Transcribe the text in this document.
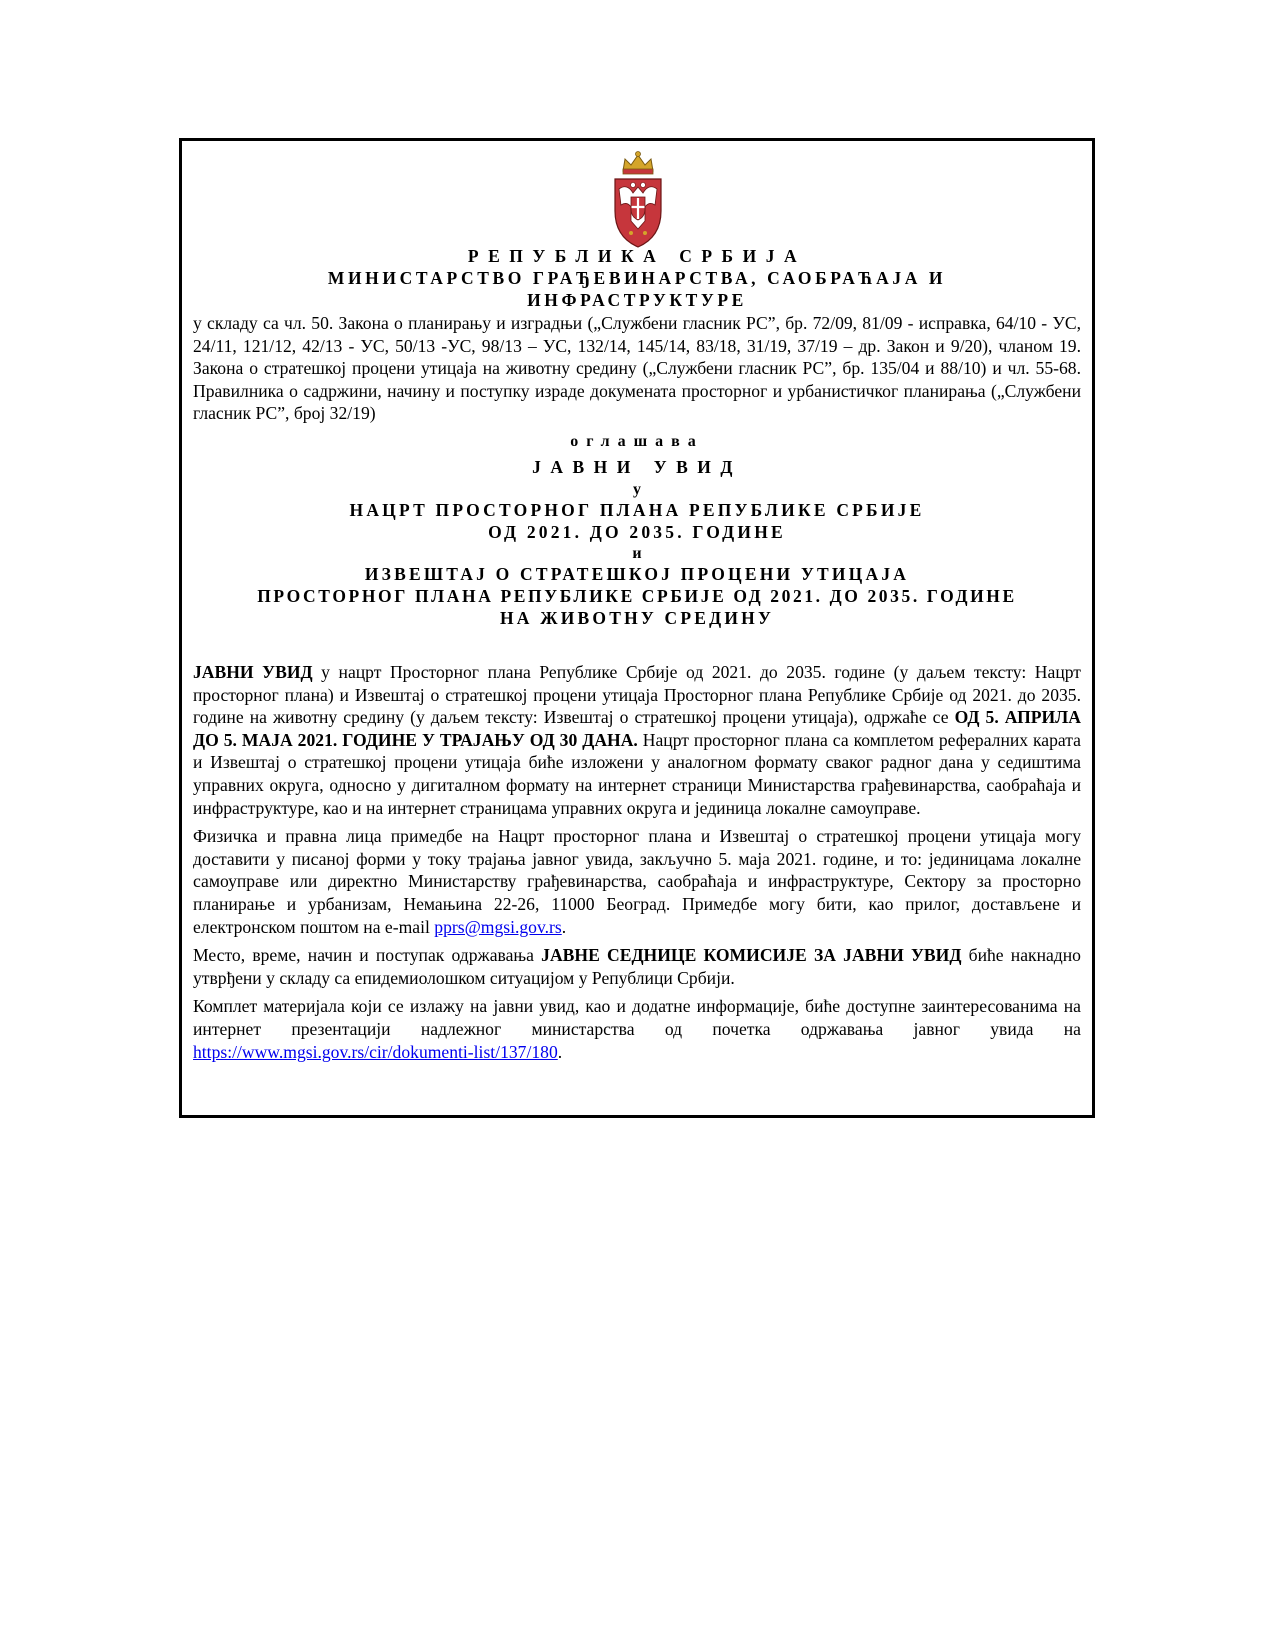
РЕПУБЛИКА СРБИЈА
МИНИСТАРСТВО ГРАЂЕВИНАРСТВА, САОБРАЋАЈА И
ИНФРАСТРУКТУРЕ

у складу са чл. 50. Закона о планирању и изградњи („Службени гласник РС”, бр. 72/09, 81/09 - исправка, 64/10 - УС, 24/11, 121/12, 42/13 - УС, 50/13 -УС, 98/13 – УС, 132/14, 145/14, 83/18, 31/19, 37/19 – др. Закон и 9/20), чланом 19. Закона о стратешкој процени утицаја на животну средину („Службени гласник РС”, бр. 135/04 и 88/10) и чл. 55-68. Правилника о садржини, начину и поступку израде докумената просторног и урбанистичког планирања („Службени гласник РС”, број 32/19)

оглашава
ЈАВНИ УВИД
у
НАЦРТ ПРОСТОРНОГ ПЛАНА РЕПУБЛИКЕ СРБИЈЕ
ОД 2021. ДО 2035. ГОДИНЕ
и
ИЗВЕШТАЈ О СТРАТЕШКОЈ ПРОЦЕНИ УТИЦАЈА
ПРОСТОРНОГ ПЛАНА РЕПУБЛИКЕ СРБИЈЕ ОД 2021. ДО 2035. ГОДИНЕ
НА ЖИВОТНУ СРЕДИНУ

ЈАВНИ УВИД у нацрт Просторног плана Републике Србије од 2021. до 2035. године (у даљем тексту: Нацрт просторног плана) и Извештај о стратешкој процени утицаја Просторног плана Републике Србије од 2021. до 2035. године на животну средину (у даљем тексту: Извештај о стратешкој процени утицаја), одржаће се ОД 5. АПРИЛА ДО 5. МАЈА 2021. ГОДИНЕ У ТРАЈАЊУ ОД 30 ДАНА. Нацрт просторног плана са комплетом рефералних карата и Извештај о стратешкој процени утицаја биће изложени у аналогном формату сваког радног дана у седиштима управних округа, односно у дигиталном формату на интернет страници Министарства грађевинарства, саобраћаја и инфраструктуре, као и на интернет страницама управних округа и јединица локалне самоуправе.

Физичка и правна лица примедбе на Нацрт просторног плана и Извештај о стратешкој процени утицаја могу доставити у писаној форми у току трајања јавног увида, закључно 5. маја 2021. године, и то: јединицама локалне самоуправе или директно Министарству грађевинарства, саобраћаја и инфраструктуре, Сектору за просторно планирање и урбанизам, Немањина 22-26, 11000 Београд. Примедбе могу бити, као прилог, достављене и електронском поштом на e-mail pprs@mgsi.gov.rs.

Место, време, начин и поступак одржавања ЈАВНЕ СЕДНИЦЕ КОМИСИЈЕ ЗА ЈАВНИ УВИД биће накнадно утврђени у складу са епидемиолошком ситуацијом у Републици Србији.

Комплет материјала који се излажу на јавни увид, као и додатне информације, биће доступне заинтересованима на интернет презентацији надлежног министарства од почетка одржавања јавног увида на https://www.mgsi.gov.rs/cir/dokumenti-list/137/180.
